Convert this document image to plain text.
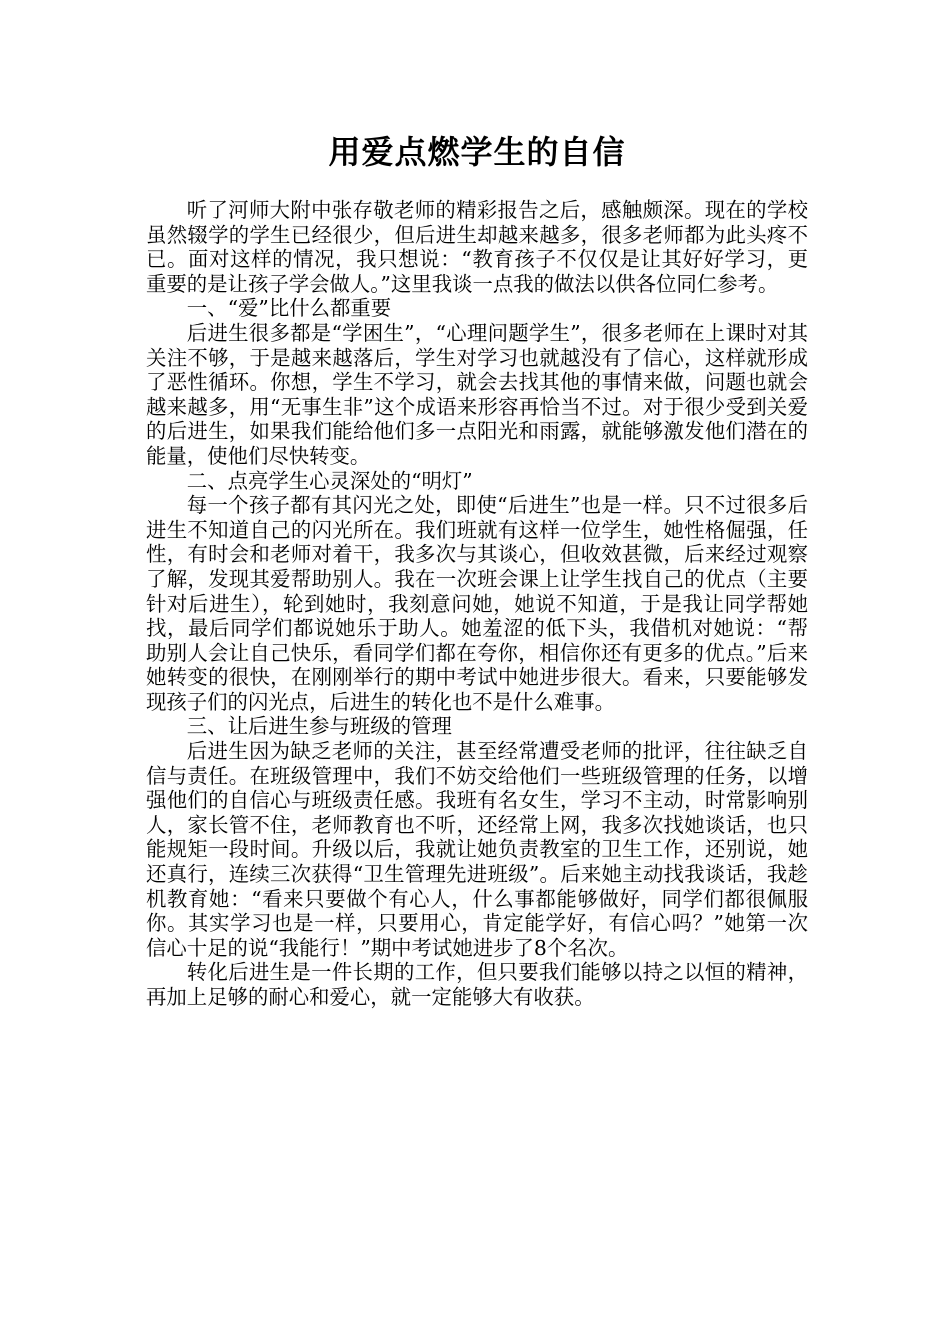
用爱点燃学生的自信

听了河师大附中张存敬老师的精彩报告之后，感触颇深。现在的学校虽然辍学的学生已经很少，但后进生却越来越多，很多老师都为此头疼不已。面对这样的情况，我只想说：“教育孩子不仅仅是让其好好学习，更重要的是让孩子学会做人。”这里我谈一点我的做法以供各位同仁参考。

一、“爱”比什么都重要

后进生很多都是“学困生”，“心理问题学生”，很多老师在上课时对其关注不够，于是越来越落后，学生对学习也就越没有了信心，这样就形成了恶性循环。你想，学生不学习，就会去找其他的事情来做，问题也就会越来越多，用“无事生非”这个成语来形容再恰当不过。对于很少受到关爱的后进生，如果我们能给他们多一点阳光和雨露，就能够激发他们潜在的能量，使他们尽快转变。

二、点亮学生心灵深处的“明灯”

每一个孩子都有其闪光之处，即使“后进生”也是一样。只不过很多后进生不知道自己的闪光所在。我们班就有这样一位学生，她性格倔强，任性，有时会和老师对着干，我多次与其谈心，但收效甚微，后来经过观察了解，发现其爱帮助别人。我在一次班会课上让学生找自己的优点（主要针对后进生），轮到她时，我刻意问她，她说不知道，于是我让同学帮她找，最后同学们都说她乐于助人。她羞涩的低下头，我借机对她说：“帮助别人会让自己快乐，看同学们都在夸你，相信你还有更多的优点。”后来她转变的很快，在刚刚举行的期中考试中她进步很大。看来，只要能够发现孩子们的闪光点，后进生的转化也不是什么难事。

三、让后进生参与班级的管理

后进生因为缺乏老师的关注，甚至经常遭受老师的批评，往往缺乏自信与责任。在班级管理中，我们不妨交给他们一些班级管理的任务，以增强他们的自信心与班级责任感。我班有名女生，学习不主动，时常影响别人，家长管不住，老师教育也不听，还经常上网，我多次找她谈话，也只能规矩一段时间。升级以后，我就让她负责教室的卫生工作，还别说，她还真行，连续三次获得“卫生管理先进班级”。后来她主动找我谈话，我趁机教育她：“看来只要做个有心人，什么事都能够做好，同学们都很佩服你。其实学习也是一样，只要用心，肯定能学好，有信心吗？”她第一次信心十足的说“我能行！”期中考试她进步了8个名次。

转化后进生是一件长期的工作，但只要我们能够以持之以恒的精神，再加上足够的耐心和爱心，就一定能够大有收获。
